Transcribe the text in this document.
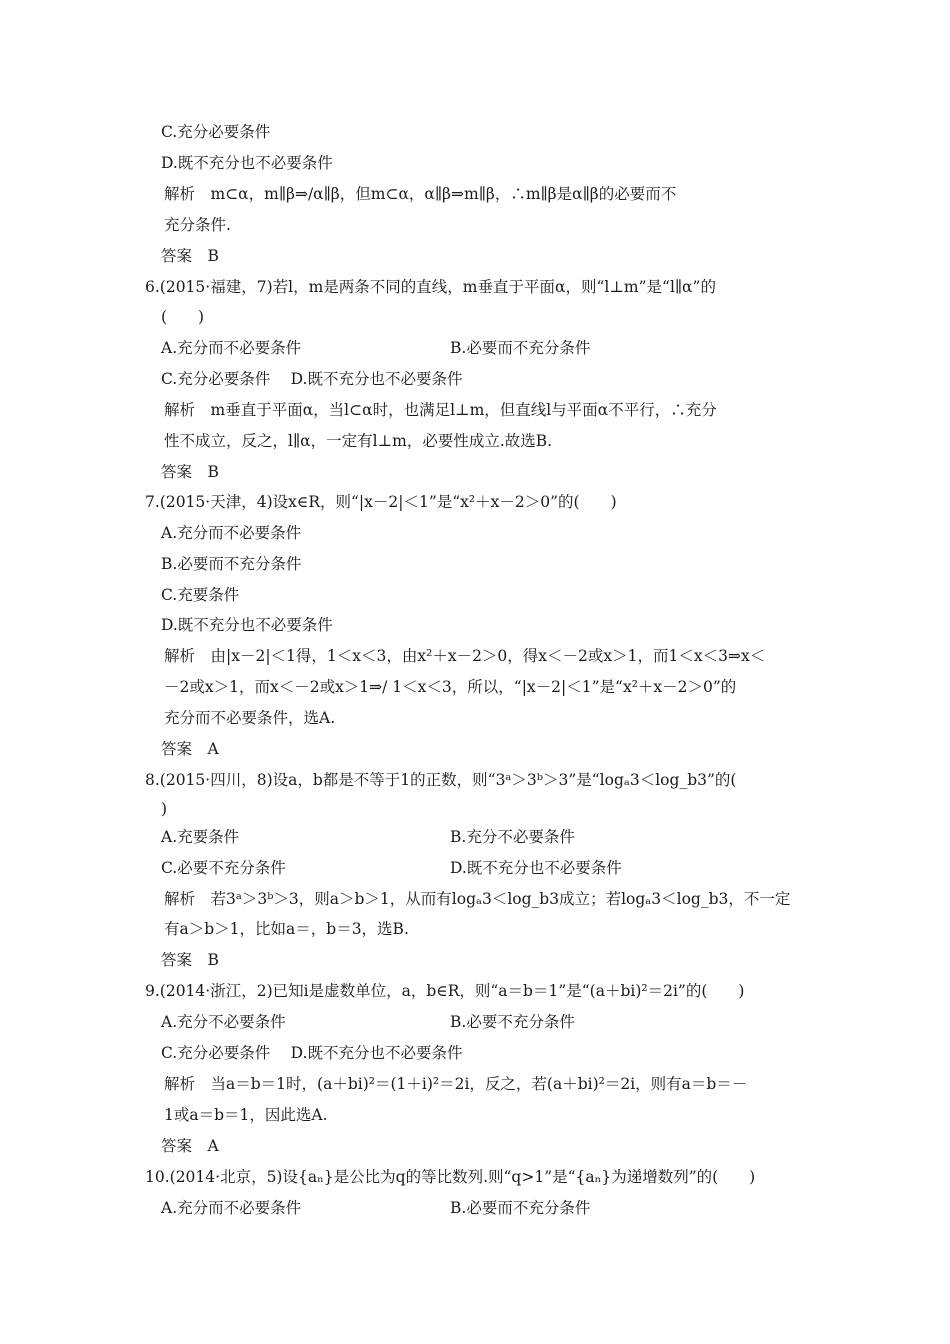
C.充分必要条件
D.既不充分也不必要条件
解析　m⊂α，m∥β⇒/α∥β，但m⊂α，α∥β⇒m∥β，∴m∥β是α∥β的必要而不
充分条件.
答案　B
6.(2015·福建，7)若l，m是两条不同的直线，m垂直于平面α，则“l⊥m”是“l∥α”的
(　　)
A.充分而不必要条件	B.必要而不充分条件
C.充分必要条件　 D.既不充分也不必要条件
解析　m垂直于平面α，当l⊂α时，也满足l⊥m，但直线l与平面α不平行，∴充分
性不成立，反之，l∥α，一定有l⊥m，必要性成立.故选B.
答案　B
7.(2015·天津，4)设x∈R，则“|x－2|＜1”是“x²＋x－2＞0”的(　　)
A.充分而不必要条件
B.必要而不充分条件
C.充要条件
D.既不充分也不必要条件
解析　由|x－2|＜1得，1＜x＜3，由x²＋x－2＞0，得x＜－2或x＞1，而1＜x＜3⇒x＜
－2或x＞1，而x＜－2或x＞1⇒/ 1＜x＜3，所以，“|x－2|＜1”是“x²＋x－2＞0”的
充分而不必要条件，选A.
答案　A
8.(2015·四川，8)设a，b都是不等于1的正数，则“3ᵃ＞3ᵇ＞3”是“logₐ3＜log_b3”的(
)
A.充要条件	B.充分不必要条件
C.必要不充分条件	D.既不充分也不必要条件
解析　若3ᵃ＞3ᵇ＞3，则a＞b＞1，从而有logₐ3＜log_b3成立；若logₐ3＜log_b3，不一定
有a＞b＞1，比如a＝，b＝3，选B.
答案　B
9.(2014·浙江，2)已知i是虚数单位，a，b∈R，则“a＝b＝1”是“(a＋bi)²＝2i”的(　　)
A.充分不必要条件	B.必要不充分条件
C.充分必要条件　 D.既不充分也不必要条件
解析　当a＝b＝1时，(a＋bi)²＝(1＋i)²＝2i，反之，若(a＋bi)²＝2i，则有a＝b＝－
1或a＝b＝1，因此选A.
答案　A
10.(2014·北京，5)设{aₙ}是公比为q的等比数列.则“q>1”是“{aₙ}为递增数列”的(　　)
A.充分而不必要条件	B.必要而不充分条件
